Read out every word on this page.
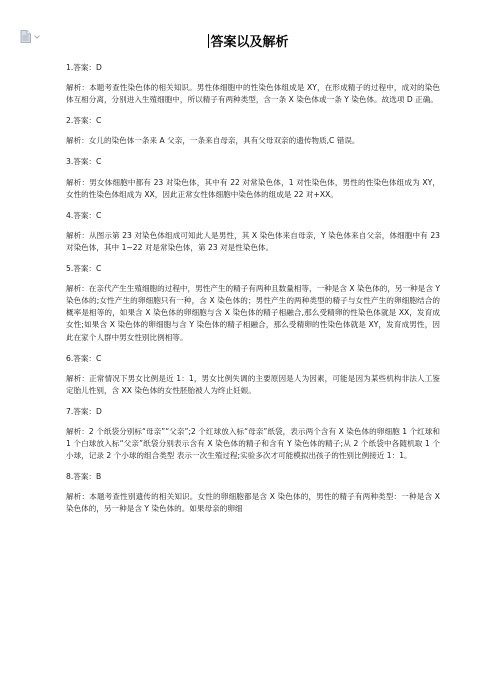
答案以及解析

1.答案：D

解析：本题考查性染色体的相关知识。男性体细胞中的性染色体组成是 XY，在形成精子的过程中，成对的染色体互相分离，分别进入生殖细胞中，所以精子有两种类型，含一条 X 染色体或一条 Y 染色体。故选项 D 正确。

2.答案：C

解析：女儿的染色体一条来 A 父亲，一条来自母亲，具有父母双亲的遗传物质,C 错误。

3.答案：C

解析：男女体细胞中都有 23 对染色体，其中有 22 对常染色体，1 对性染色体，男性的性染色体组成为 XY，女性的性染色体组成为 XX，因此正常女性体细胞中染色体的组成是 22 对+XX。

4.答案：C

解析：从图示第 23 对染色体组成可知此人是男性，其 X 染色体来自母亲，Y 染色体来自父亲，体细胞中有 23 对染色体，其中 1~22 对是常染色体，第 23 对是性染色体。

5.答案：C

解析：在亲代产生生殖细胞的过程中，男性产生的精子有两种且数量相等，一种是含 X 染色体的，另一种是含 Y 染色体的;女性产生的卵细胞只有一种，含 X 染色体的；男性产生的两种类型的精子与女性产生的卵细胞结合的概率是相等的，如果含 X 染色体的卵细胞与含 X 染色体的精子相融合,那么受精卵的性染色体就是 XX，发育成女性;如果含 X 染色体的卵细胞与含 Y 染色体的精子相融合，那么受精卵的性染色体就是 XY，发育成男性，因此在家个人群中男女性别比例相等。

6.答案：C

解析：正常情况下男女比例是近 1：1，男女比例失调的主要原因是人为因素，可能是因为某些机构非法人工鉴定胎儿性别，含 XX 染色体的女性胚胎被人为终止妊娠。

7.答案：D

解析：2 个纸袋分别标“母亲”“父亲”;2 个红球放入标“母亲”纸袋，表示两个含有 X 染色体的卵细胞 1 个红球和 1 个白球放入标“父亲”纸袋分别表示含有 X 染色体的精子和含有 Y 染色体的精子;从 2 个纸袋中各随机取 1 个小球，记录 2 个小球的组合类型 表示一次生殖过程;实验多次才可能模拟出孩子的性别比例接近 1：1。

8.答案：B

解析：本题考查性别遗传的相关知识。女性的卵细胞都是含 X 染色体的，男性的精子有两种类型：一种是含 X 染色体的，另一种是含 Y 染色体的。如果母亲的卵细
